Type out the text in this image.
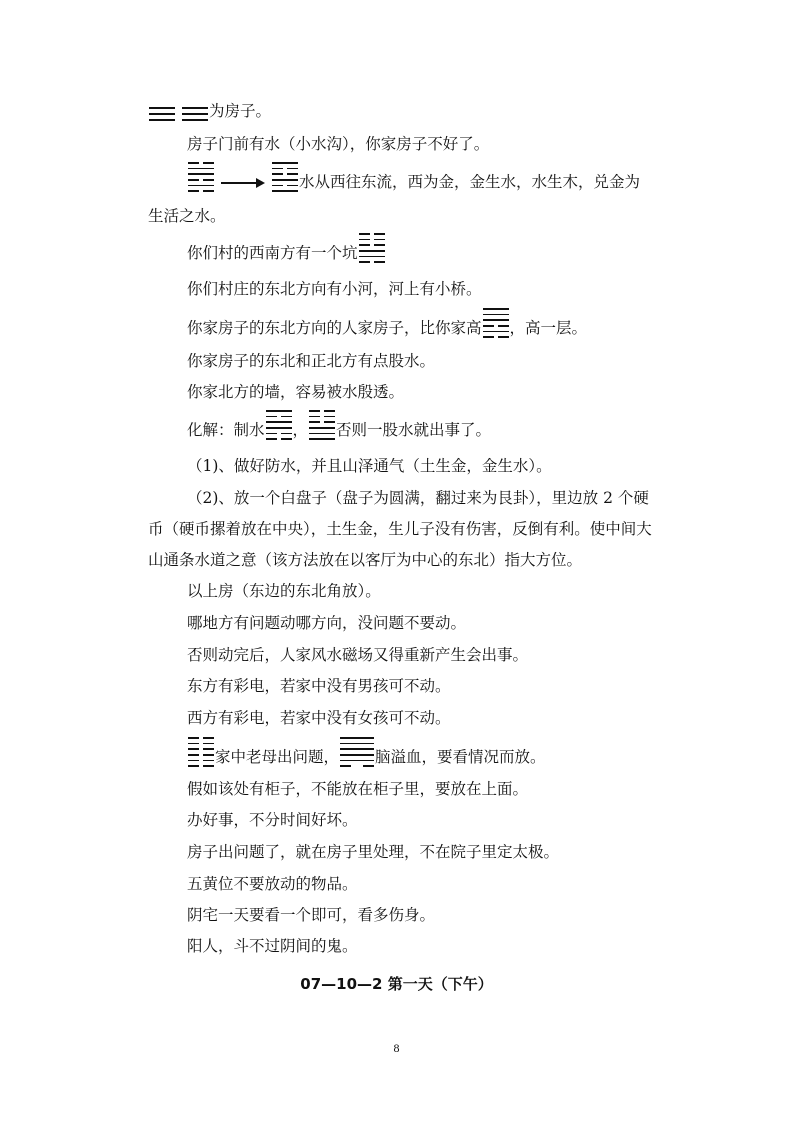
为房子。
房子门前有水（小水沟），你家房子不好了。
水从西往东流，西为金，金生水，水生木，兑金为
生活之水。
你们村的西南方有一个坑
你们村庄的东北方向有小河，河上有小桥。
你家房子的东北方向的人家房子，比你家高 ，高一层。
你家房子的东北和正北方有点股水。
你家北方的墙，容易被水殷透。
化解：制水 ， 否则一股水就出事了。
（1)、做好防水，并且山泽通气（土生金，金生水）。
（2)、放一个白盘子（盘子为圆满，翻过来为艮卦），里边放 2 个硬
币（硬币摞着放在中央），土生金，生儿子没有伤害，反倒有利。使中间大
山通条水道之意（该方法放在以客厅为中心的东北）指大方位。
以上房（东边的东北角放）。
哪地方有问题动哪方向，没问题不要动。
否则动完后，人家风水磁场又得重新产生会出事。
东方有彩电，若家中没有男孩可不动。
西方有彩电，若家中没有女孩可不动。
家中老母出问题， 脑溢血，要看情况而放。
假如该处有柜子，不能放在柜子里，要放在上面。
办好事，不分时间好坏。
房子出问题了，就在房子里处理，不在院子里定太极。
五黄位不要放动的物品。
阴宅一天要看一个即可，看多伤身。
阳人，斗不过阴间的鬼。
07—10—2 第一天（下午）
8
